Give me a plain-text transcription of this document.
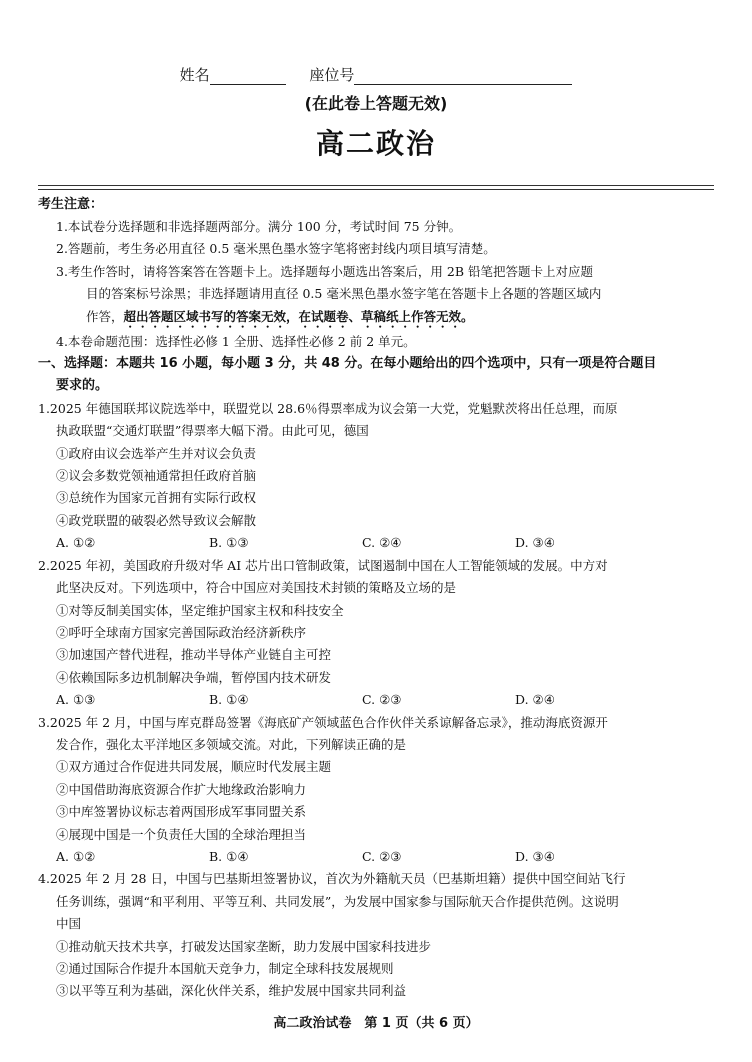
姓名	座位号
(在此卷上答题无效)
高二政治
考生注意：
1.本试卷分选择题和非选择题两部分。满分 100 分，考试时间 75 分钟。
2.答题前，考生务必用直径 0.5 毫米黑色墨水签字笔将密封线内项目填写清楚。
3.考生作答时，请将答案答在答题卡上。选择题每小题选出答案后，用 2B 铅笔把答题卡上对应题
目的答案标号涂黑；非选择题请用直径 0.5 毫米黑色墨水签字笔在答题卡上各题的答题区域内
作答，超出答题区域书写的答案无效，在试题卷、草稿纸上作答无效。
4.本卷命题范围：选择性必修 1 全册、选择性必修 2 前 2 单元。
一、选择题：本题共 16 小题，每小题 3 分，共 48 分。在每小题给出的四个选项中，只有一项是符合题目
要求的。
1.2025 年德国联邦议院选举中，联盟党以 28.6％得票率成为议会第一大党，党魁默茨将出任总理，而原
执政联盟“交通灯联盟”得票率大幅下滑。由此可见，德国
①政府由议会选举产生并对议会负责
②议会多数党领袖通常担任政府首脑
③总统作为国家元首拥有实际行政权
④政党联盟的破裂必然导致议会解散
A. ①②	B. ①③	C. ②④	D. ③④
2.2025 年初，美国政府升级对华 AI 芯片出口管制政策，试图遏制中国在人工智能领域的发展。中方对
此坚决反对。下列选项中，符合中国应对美国技术封锁的策略及立场的是
①对等反制美国实体，坚定维护国家主权和科技安全
②呼吁全球南方国家完善国际政治经济新秩序
③加速国产替代进程，推动半导体产业链自主可控
④依赖国际多边机制解决争端，暂停国内技术研发
A. ①③	B. ①④	C. ②③	D. ②④
3.2025 年 2 月，中国与库克群岛签署《海底矿产领域蓝色合作伙伴关系谅解备忘录》，推动海底资源开
发合作，强化太平洋地区多领域交流。对此，下列解读正确的是
①双方通过合作促进共同发展，顺应时代发展主题
②中国借助海底资源合作扩大地缘政治影响力
③中库签署协议标志着两国形成军事同盟关系
④展现中国是一个负责任大国的全球治理担当
A. ①②	B. ①④	C. ②③	D. ③④
4.2025 年 2 月 28 日，中国与巴基斯坦签署协议，首次为外籍航天员（巴基斯坦籍）提供中国空间站飞行
任务训练，强调“和平利用、平等互利、共同发展”，为发展中国家参与国际航天合作提供范例。这说明
中国
①推动航天技术共享，打破发达国家垄断，助力发展中国家科技进步
②通过国际合作提升本国航天竞争力，制定全球科技发展规则
③以平等互利为基础，深化伙伴关系，维护发展中国家共同利益
高二政治试卷　第 1 页（共 6 页）
